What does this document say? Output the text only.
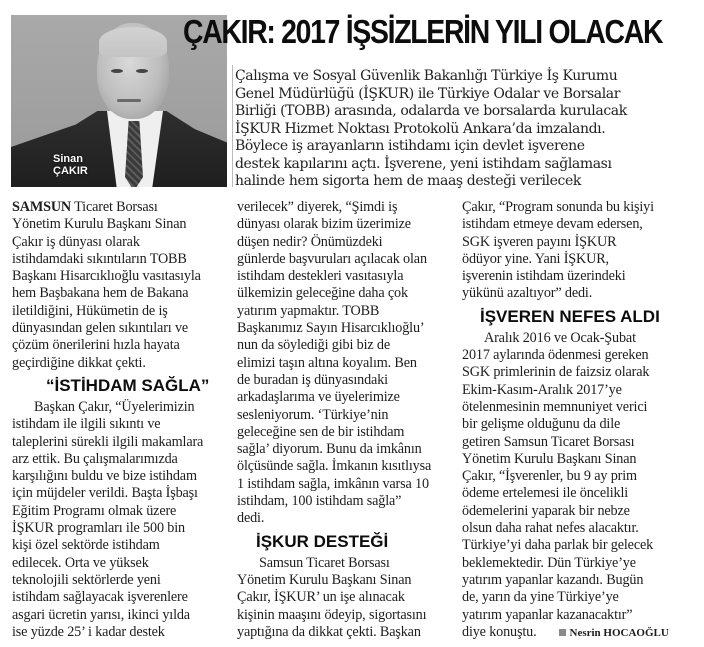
Sinan
ÇAKIR
ÇAKIR: 2017 İŞSİZLERİN YILI OLACAK
Çalışma ve Sosyal Güvenlik Bakanlığı Türkiye İş Kurumu
Genel Müdürlüğü (İŞKUR) ile Türkiye Odalar ve Borsalar
Birliği (TOBB) arasında, odalarda ve borsalarda kurulacak
İŞKUR Hizmet Noktası Protokolü Ankara’da imzalandı.
Böylece iş arayanların istihdamı için devlet işverene
destek kapılarını açtı. İşverene, yeni istihdam sağlaması
halinde hem sigorta hem de maaş desteği verilecek
SAMSUN Ticaret Borsası
Yönetim Kurulu Başkanı Sinan
Çakır iş dünyası olarak
istihdamdaki sıkıntıların TOBB
Başkanı Hisarcıklıoğlu vasıtasıyla
hem Başbakana hem de Bakana
iletildiğini, Hükümetin de iş
dünyasından gelen sıkıntıları ve
çözüm önerilerini hızla hayata
geçirdiğine dikkat çekti.
“İSTİHDAM SAĞLA”
Başkan Çakır, “Üyelerimizin
istihdam ile ilgili sıkıntı ve
taleplerini sürekli ilgili makamlara
arz ettik. Bu çalışmalarımızda
karşılığını buldu ve bize istihdam
için müjdeler verildi. Başta İşbaşı
Eğitim Programı olmak üzere
İŞKUR programları ile 500 bin
kişi özel sektörde istihdam
edilecek. Orta ve yüksek
teknolojili sektörlerde yeni
istihdam sağlayacak işverenlere
asgari ücretin yarısı, ikinci yılda
ise yüzde 25’ i kadar destek
verilecek” diyerek, “Şimdi iş
dünyası olarak bizim üzerimize
düşen nedir? Önümüzdeki
günlerde başvuruları açılacak olan
istihdam destekleri vasıtasıyla
ülkemizin geleceğine daha çok
yatırım yapmaktır. TOBB
Başkanımız Sayın Hisarcıklıoğlu’
nun da söylediği gibi biz de
elimizi taşın altına koyalım. Ben
de buradan iş dünyasındaki
arkadaşlarıma ve üyelerimize
sesleniyorum. ‘Türkiye’nin
geleceğine sen de bir istihdam
sağla’ diyorum. Bunu da imkânın
ölçüsünde sağla. İmkanın kısıtlıysa
1 istihdam sağla, imkânın varsa 10
istihdam, 100 istihdam sağla”
dedi.
İŞKUR DESTEĞİ
Samsun Ticaret Borsası
Yönetim Kurulu Başkanı Sinan
Çakır, İŞKUR’ un işe alınacak
kişinin maaşını ödeyip, sigortasını
yaptığına da dikkat çekti. Başkan
Çakır, “Program sonunda bu kişiyi
istihdam etmeye devam edersen,
SGK işveren payını İŞKUR
ödüyor yine. Yani İŞKUR,
işverenin istihdam üzerindeki
yükünü azaltıyor” dedi.
İŞVEREN NEFES ALDI
Aralık 2016 ve Ocak-Şubat
2017 aylarında ödenmesi gereken
SGK primlerinin de faizsiz olarak
Ekim-Kasım-Aralık 2017’ye
ötelenmesinin memnuniyet verici
bir gelişme olduğunu da dile
getiren Samsun Ticaret Borsası
Yönetim Kurulu Başkanı Sinan
Çakır, “İşverenler, bu 9 ay prim
ödeme ertelemesi ile öncelikli
ödemelerini yaparak bir nebze
olsun daha rahat nefes alacaktır.
Türkiye’yi daha parlak bir gelecek
beklemektedir. Dün Türkiye’ye
yatırım yapanlar kazandı. Bugün
de, yarın da yine Türkiye’ye
yatırım yapanlar kazanacaktır”
diye konuştu.	Nesrin HOCAOĞLU
